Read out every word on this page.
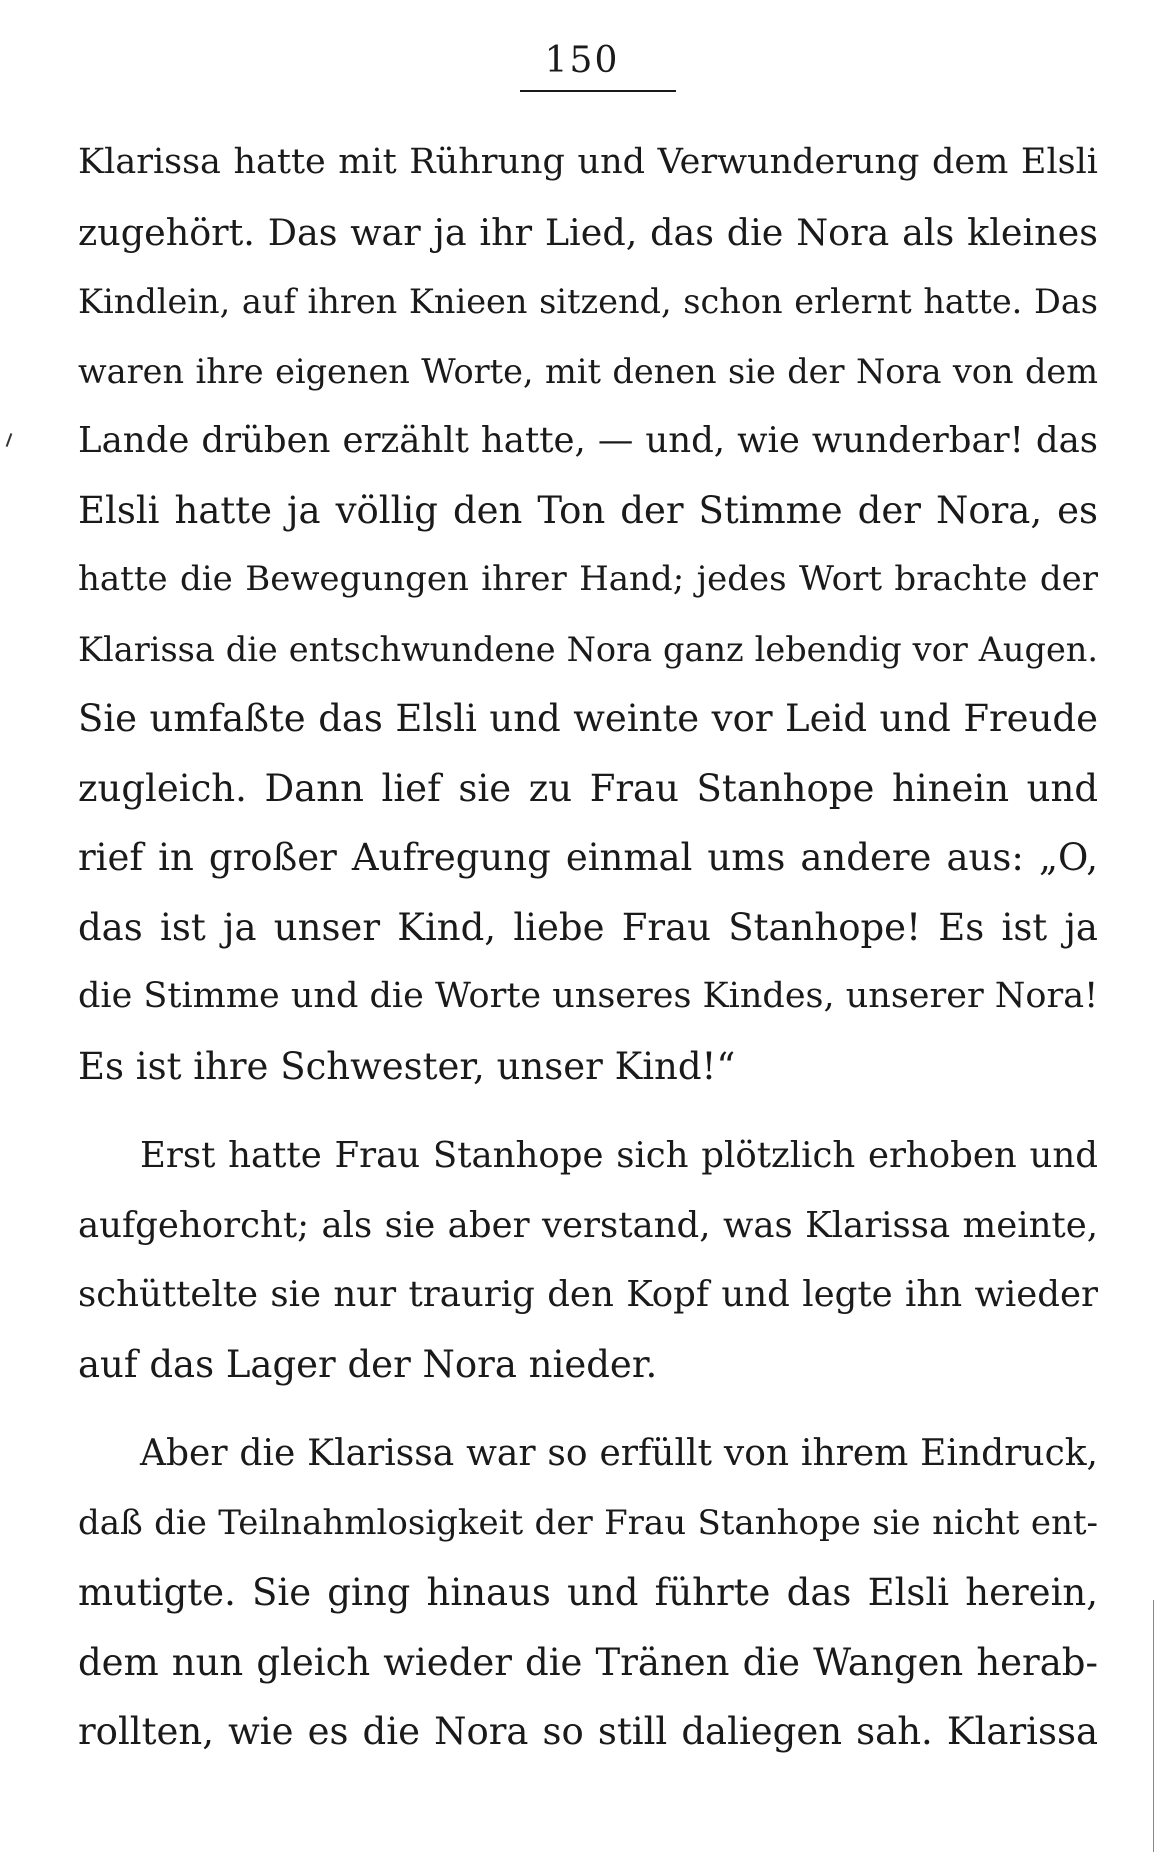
150
Klarissa hatte mit Rührung und Verwunderung dem Elsli
zugehört. Das war ja ihr Lied, das die Nora als kleines
Kindlein, auf ihren Knieen sitzend, schon erlernt hatte. Das
waren ihre eigenen Worte, mit denen sie der Nora von dem
Lande drüben erzählt hatte, — und, wie wunderbar! das
Elsli hatte ja völlig den Ton der Stimme der Nora, es
hatte die Bewegungen ihrer Hand; jedes Wort brachte der
Klarissa die entschwundene Nora ganz lebendig vor Augen.
Sie umfaßte das Elsli und weinte vor Leid und Freude
zugleich. Dann lief sie zu Frau Stanhope hinein und
rief in großer Aufregung einmal ums andere aus: „O,
das ist ja unser Kind, liebe Frau Stanhope! Es ist ja
die Stimme und die Worte unseres Kindes, unserer Nora!
Es ist ihre Schwester, unser Kind!“
Erst hatte Frau Stanhope sich plötzlich erhoben und
aufgehorcht; als sie aber verstand, was Klarissa meinte,
schüttelte sie nur traurig den Kopf und legte ihn wieder
auf das Lager der Nora nieder.
Aber die Klarissa war so erfüllt von ihrem Eindruck,
daß die Teilnahmlosigkeit der Frau Stanhope sie nicht ent-
mutigte. Sie ging hinaus und führte das Elsli herein,
dem nun gleich wieder die Tränen die Wangen herab-
rollten, wie es die Nora so still daliegen sah. Klarissa
